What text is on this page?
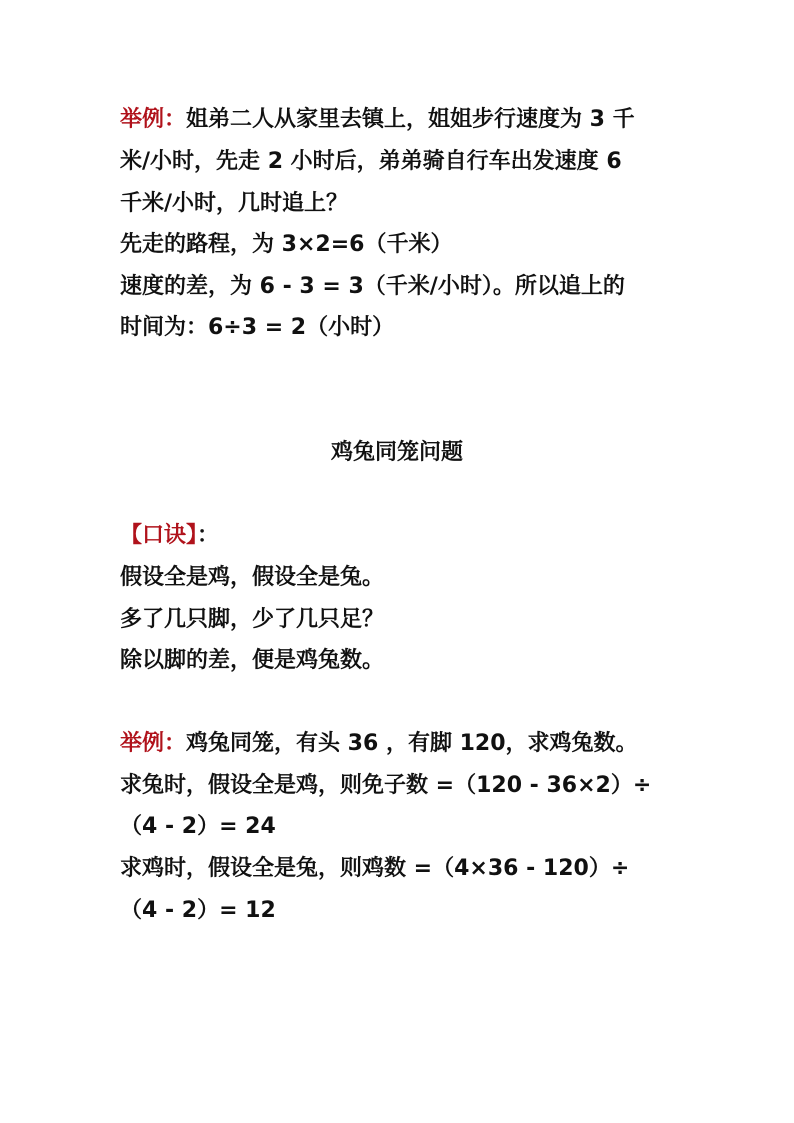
举例：姐弟二人从家里去镇上，姐姐步行速度为 3 千
米/小时，先走 2 小时后，弟弟骑自行车出发速度 6
千米/小时，几时追上？
先走的路程，为 3×2=6（千米）
速度的差，为 6 - 3 = 3（千米/小时）。所以追上的
时间为：6÷3 = 2（小时）
鸡兔同笼问题
【口诀】：
假设全是鸡，假设全是兔。
多了几只脚，少了几只足？
除以脚的差，便是鸡兔数。
举例：鸡兔同笼，有头 36 ，有脚 120，求鸡兔数。
求兔时，假设全是鸡，则免子数 =（120 - 36×2）÷
（4 - 2）= 24
求鸡时，假设全是兔，则鸡数 =（4×36 - 120）÷
（4 - 2）= 12
